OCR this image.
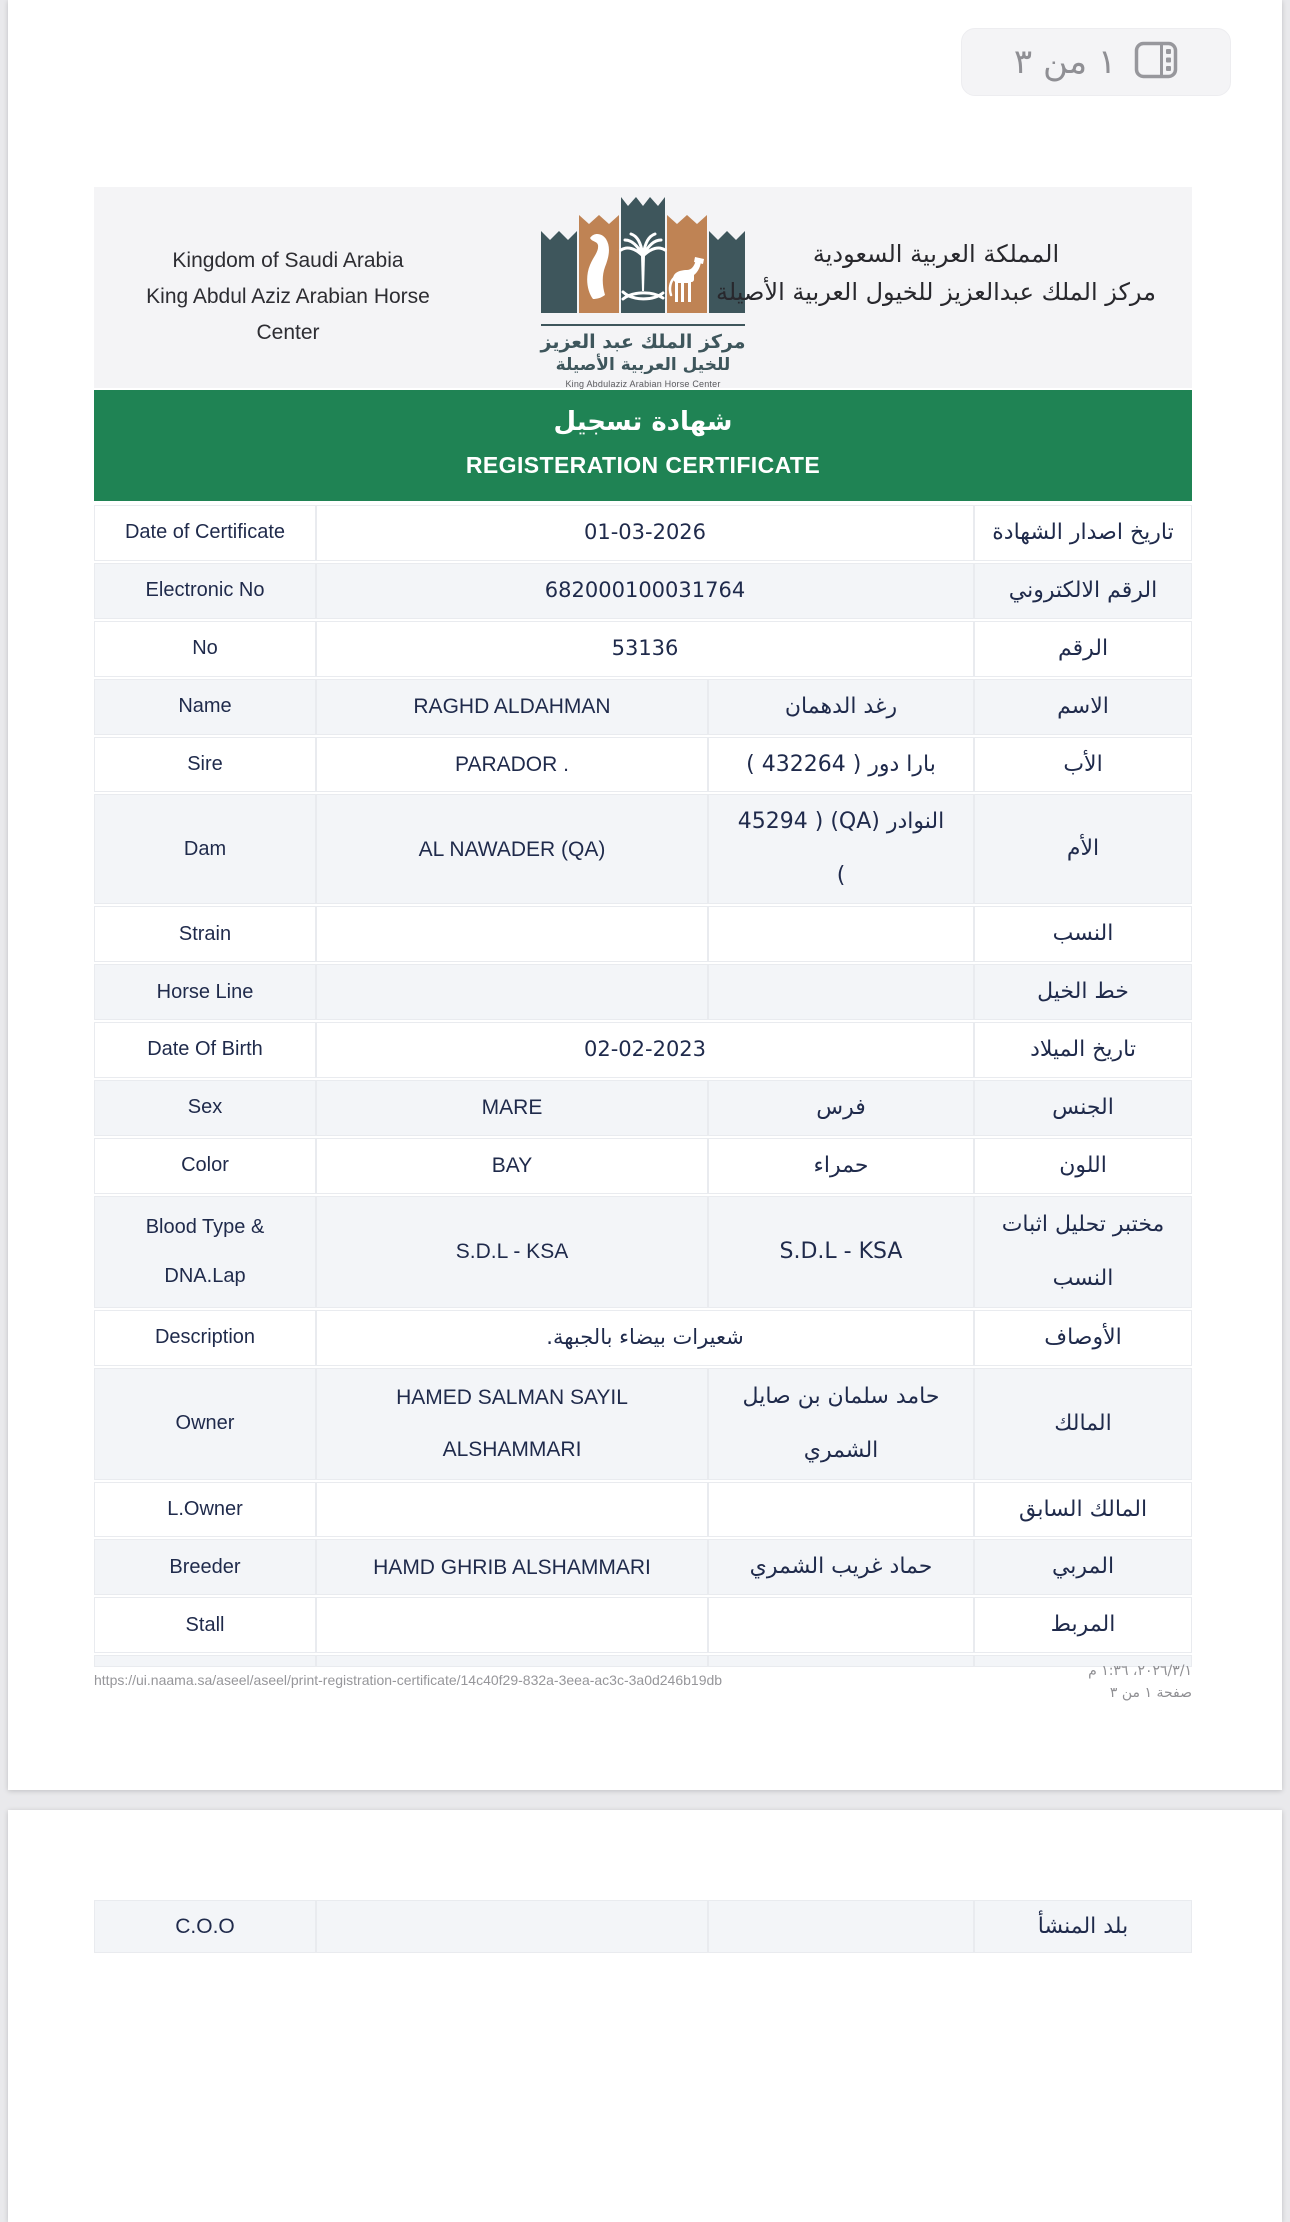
١ من ٣
Kingdom of Saudi Arabia
King Abdul Aziz Arabian Horse Center	مركز الملك عبد العزيز
للخيل العربية الأصيلة
King Abdulaziz Arabian Horse Center
المملكة العربية السعودية
مركز الملك عبدالعزيز للخيول العربية الأصيلة
شهادة تسجيل
REGISTERATION CERTIFICATE
Date of Certificate	01-03-2026		تاريخ اصدار الشهادة
Electronic No	682000100031764		الرقم الالكتروني
No	53136		الرقم
Name	RAGHD ALDAHMAN	رغد الدهمان	الاسم
Sire	PARADOR .	بارا دور ( 432264 )	الأب
Dam	AL NAWADER (QA)	النوادر (QA) ( 45294 )	الأم
Strain			النسب
Horse Line			خط الخيل
Date Of Birth	02-02-2023		تاريخ الميلاد
Sex	MARE	فرس	الجنس
Color	BAY	حمراء	اللون
Blood Type & DNA.Lap	S.D.L - KSA	S.D.L - KSA	مختبر تحليل اثبات النسب
Description	شعيرات بيضاء بالجبهة.		الأوصاف
Owner	HAMED SALMAN SAYIL ALSHAMMARI	حامد سلمان بن صايل الشمري	المالك
L.Owner			المالك السابق
Breeder	HAMD GHRIB ALSHAMMARI	حماد غريب الشمري	المربي
Stall			المربط

https://ui.naama.sa/aseel/aseel/print-registration-certificate/14c40f29-832a-3eea-ac3c-3a0d246b19db
٢٠٢٦/٣/١، ١:٣٦ م
صفحة ١ من ٣
C.O.O			بلد المنشأ
